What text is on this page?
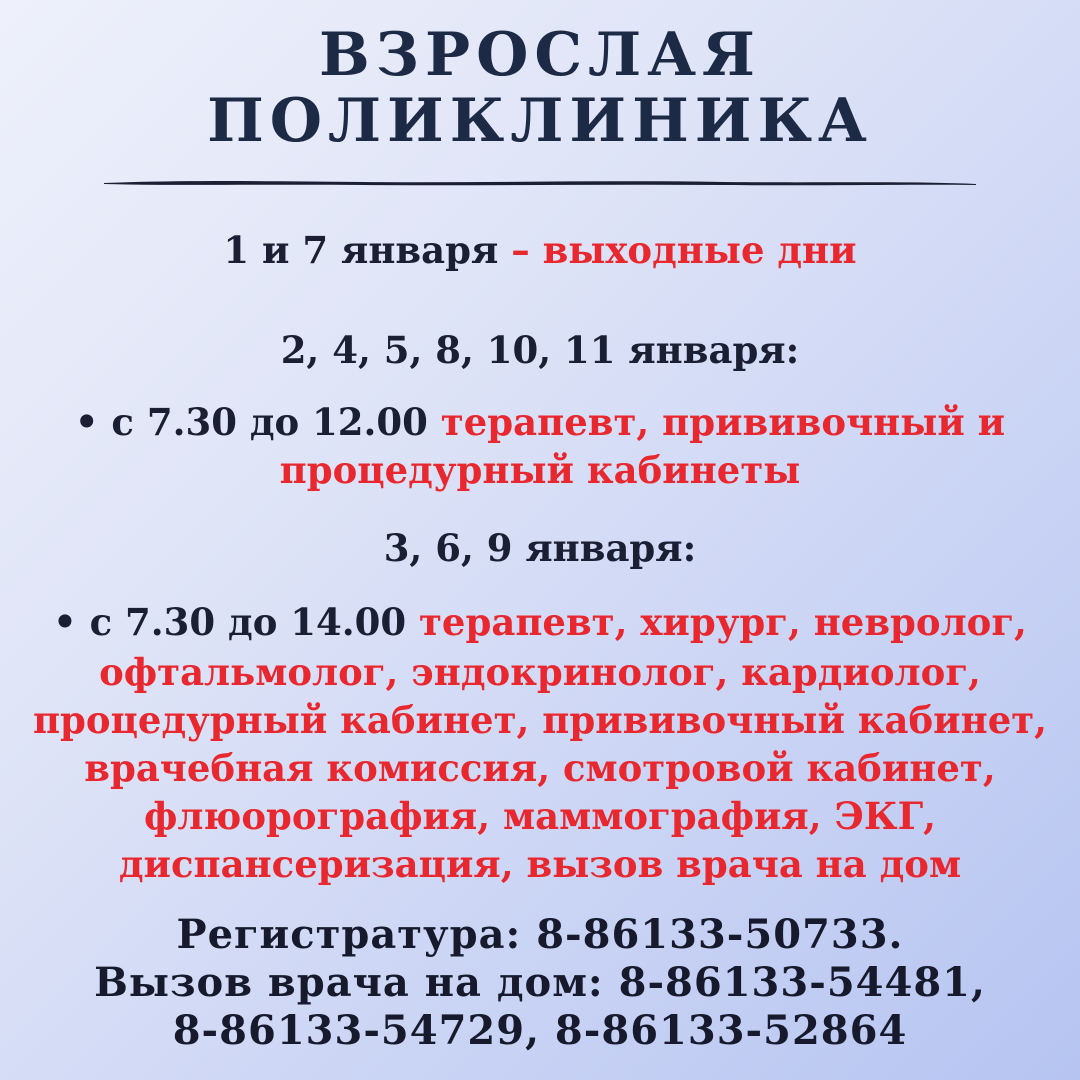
ВЗРОСЛАЯ
ПОЛИКЛИНИКА
1 и 7 января – выходные дни
2, 4, 5, 8, 10, 11 января:
• с 7.30 до 12.00 терапевт, прививочный и
процедурный кабинеты
3, 6, 9 января:
• с 7.30 до 14.00 терапевт, хирург, невролог,
офтальмолог, эндокринолог, кардиолог,
процедурный кабинет, прививочный кабинет,
врачебная комиссия, смотровой кабинет,
флюорография, маммография, ЭКГ,
диспансеризация, вызов врача на дом
Регистратура: 8-86133-50733.
Вызов врача на дом: 8-86133-54481,
8-86133-54729, 8-86133-52864
